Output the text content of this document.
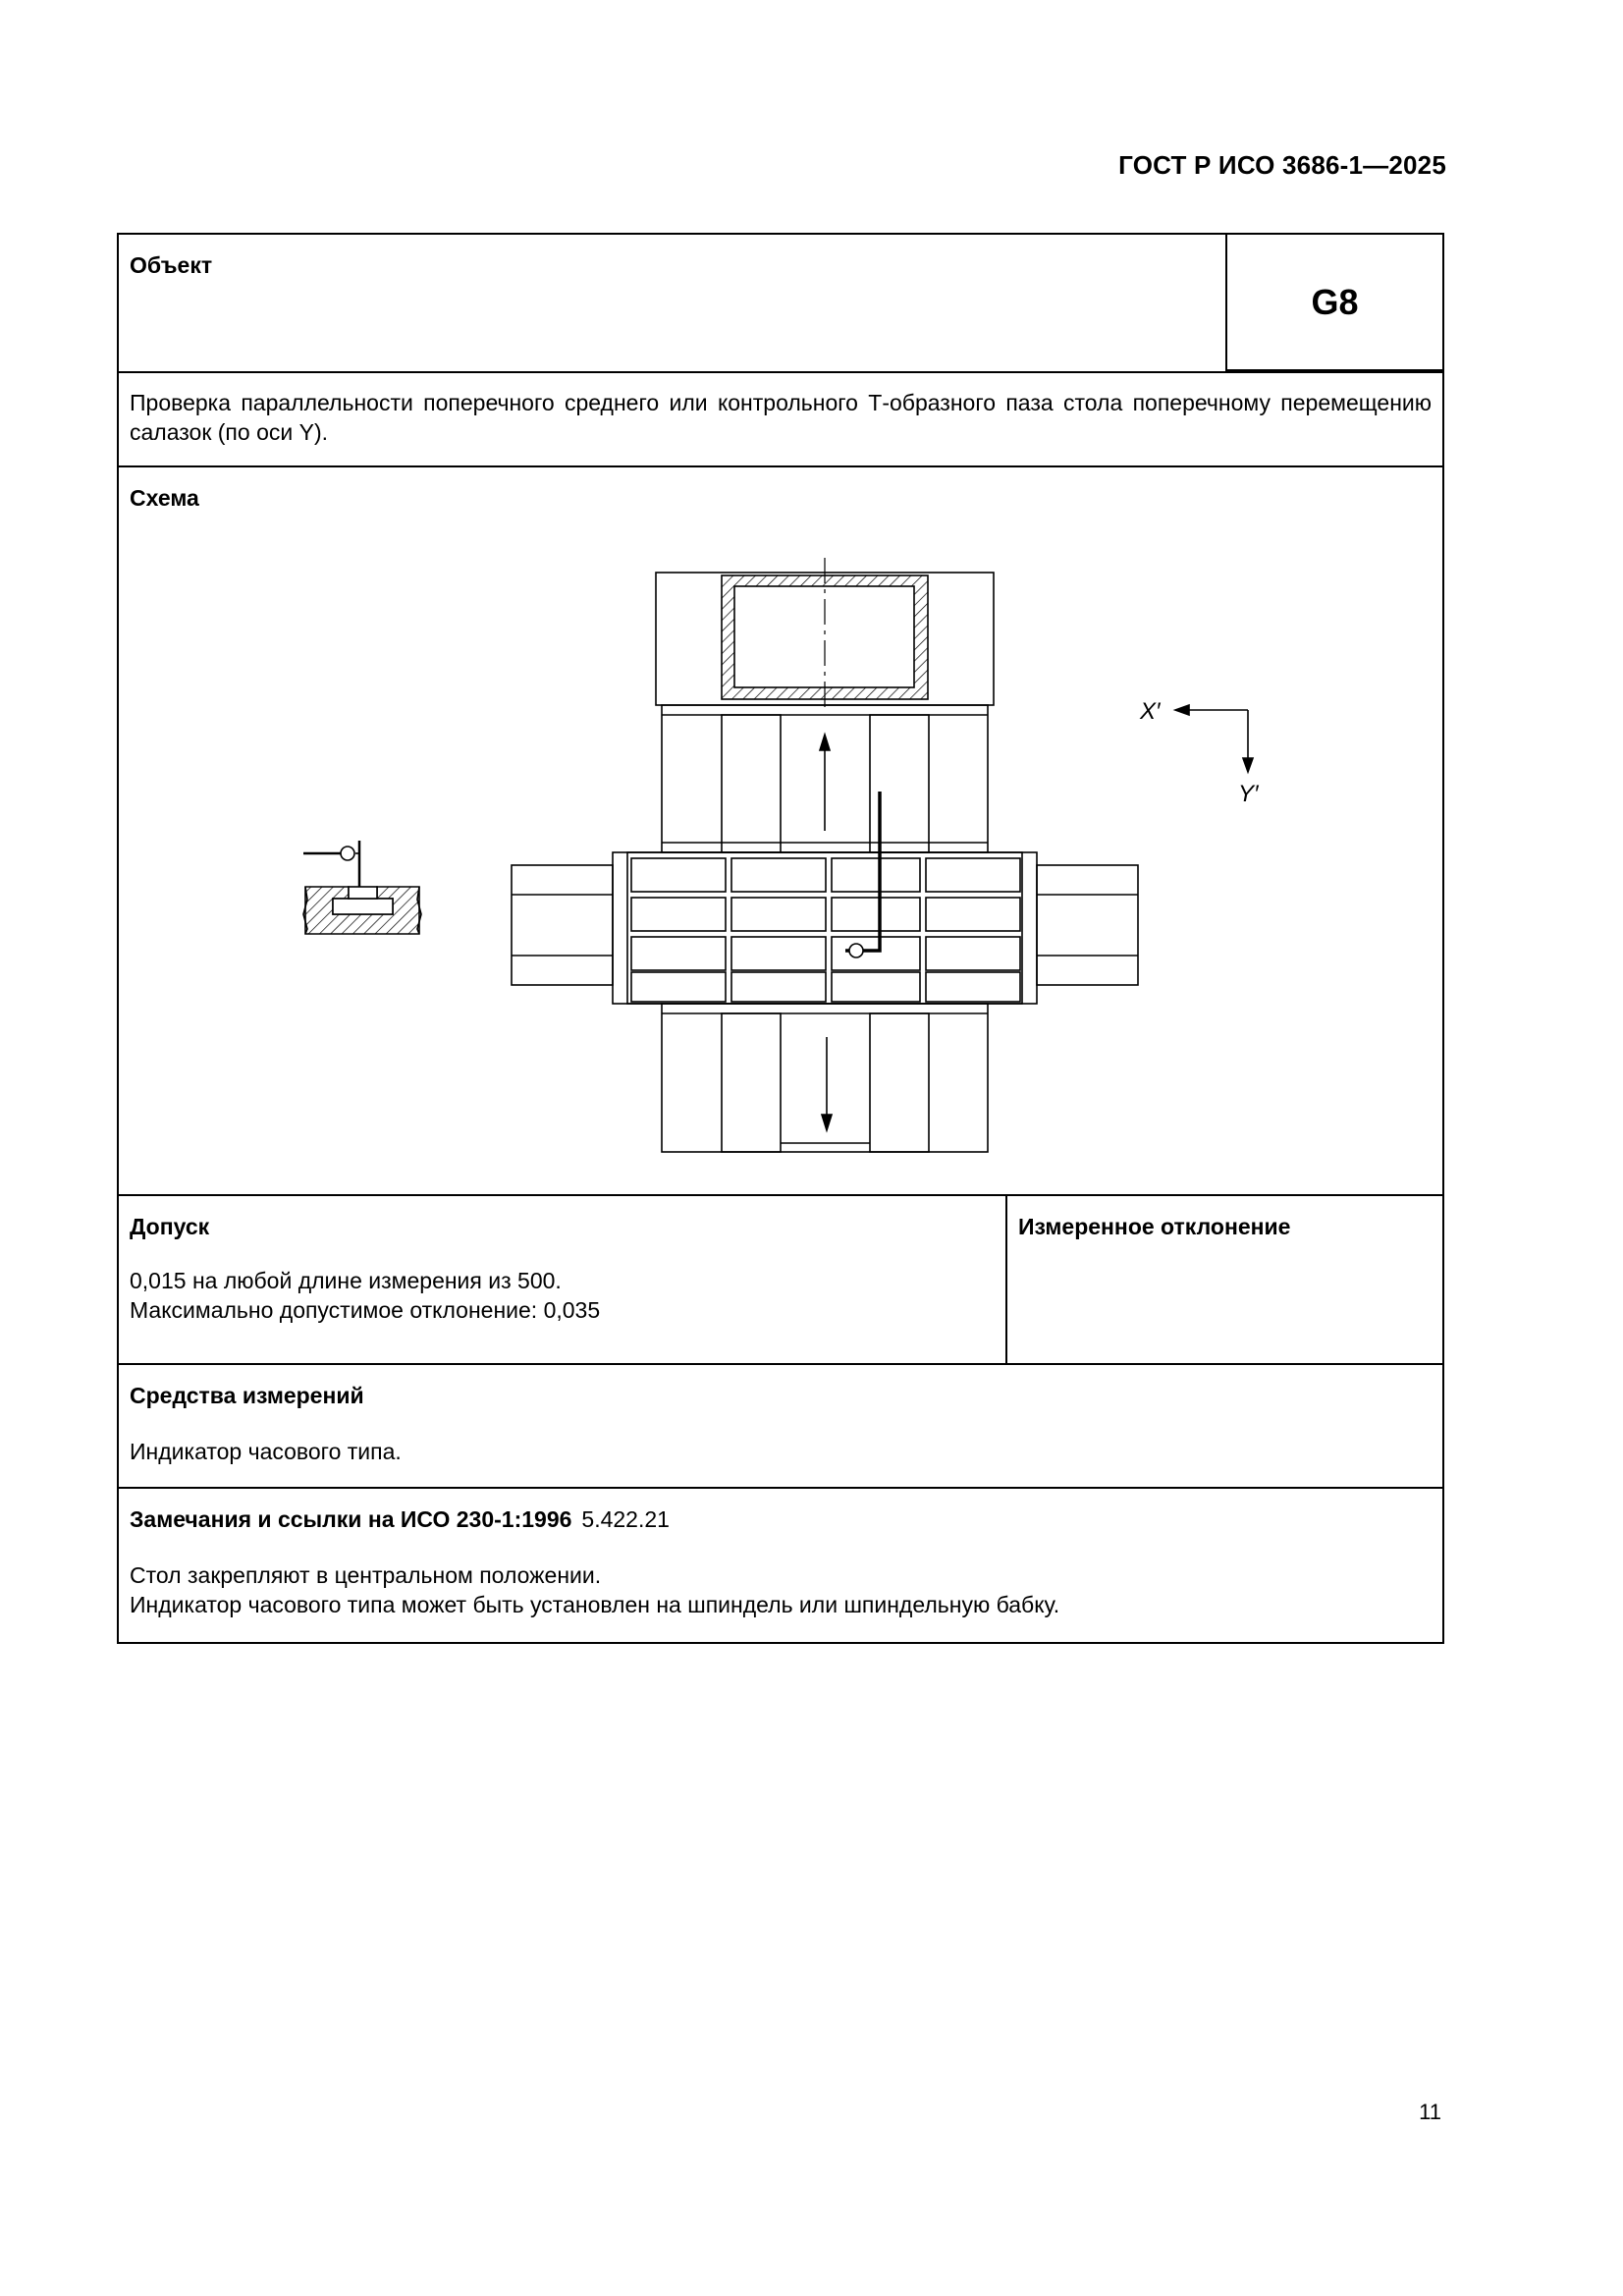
ГОСТ Р ИСО 3686-1—2025
Объект
G8
Проверка параллельности поперечного среднего или контрольного Т-образного паза стола поперечному перемещению салазок (по оси Y).
Схема
X′
Y′
Допуск
0,015 на любой длине измерения из 500.
Максимально допустимое отклонение: 0,035
Измеренное отклонение
Средства измерений
Индикатор часового типа.
Замечания и ссылки на ИСО 230-1:1996 5.422.21
Стол закрепляют в центральном положении.
Индикатор часового типа может быть установлен на шпиндель или шпиндельную бабку.
11
